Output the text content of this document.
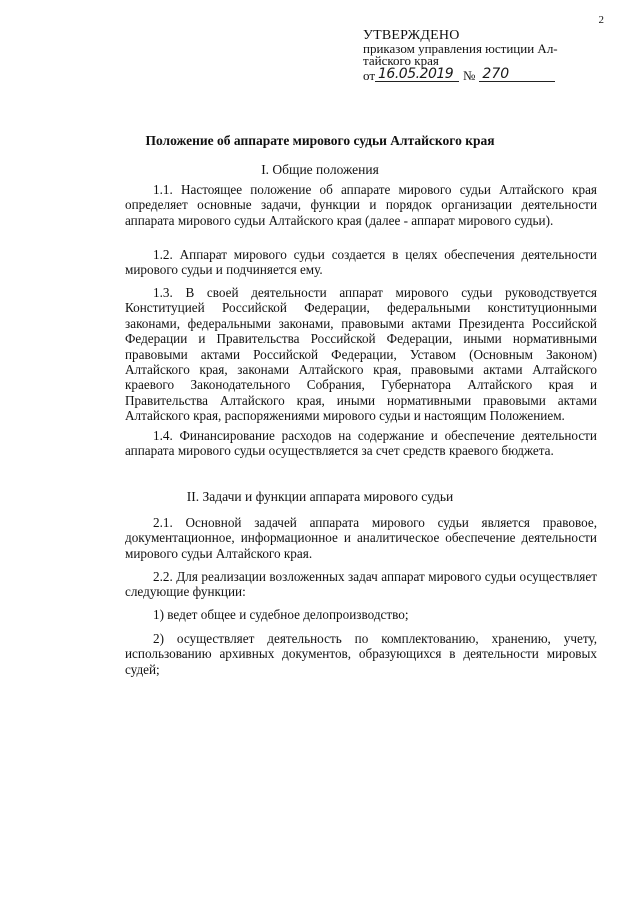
2
УТВЕРЖДЕНО
приказом управления юстиции Ал-
тайского края
от 16.05.2019 № 270
Положение об аппарате мирового судьи Алтайского края
I. Общие положения
1.1. Настоящее положение об аппарате мирового судьи Алтайского края определяет основные задачи, функции и порядок организации деятельности аппарата мирового судьи Алтайского края (далее - аппарат мирового судьи).
1.2. Аппарат мирового судьи создается в целях обеспечения деятельности мирового судьи и подчиняется ему.
1.3. В своей деятельности аппарат мирового судьи руководствуется Конституцией Российской Федерации, федеральными конституционными законами, федеральными законами, правовыми актами Президента Российской Федерации и Правительства Российской Федерации, иными нормативными правовыми актами Российской Федерации, Уставом (Основным Законом) Алтайского края, законами Алтайского края, правовыми актами Алтайского краевого Законодательного Собрания, Губернатора Алтайского края и Правительства Алтайского края, иными нормативными правовыми актами Алтайского края, распоряжениями мирового судьи и настоящим Положением.
1.4. Финансирование расходов на содержание и обеспечение деятельности аппарата мирового судьи осуществляется за счет средств краевого бюджета.
II. Задачи и функции аппарата мирового судьи
2.1. Основной задачей аппарата мирового судьи является правовое, документационное, информационное и аналитическое обеспечение деятельности мирового судьи Алтайского края.
2.2. Для реализации возложенных задач аппарат мирового судьи осуществляет следующие функции:
1) ведет общее и судебное делопроизводство;
2) осуществляет деятельность по комплектованию, хранению, учету, использованию архивных документов, образующихся в деятельности мировых судей;
